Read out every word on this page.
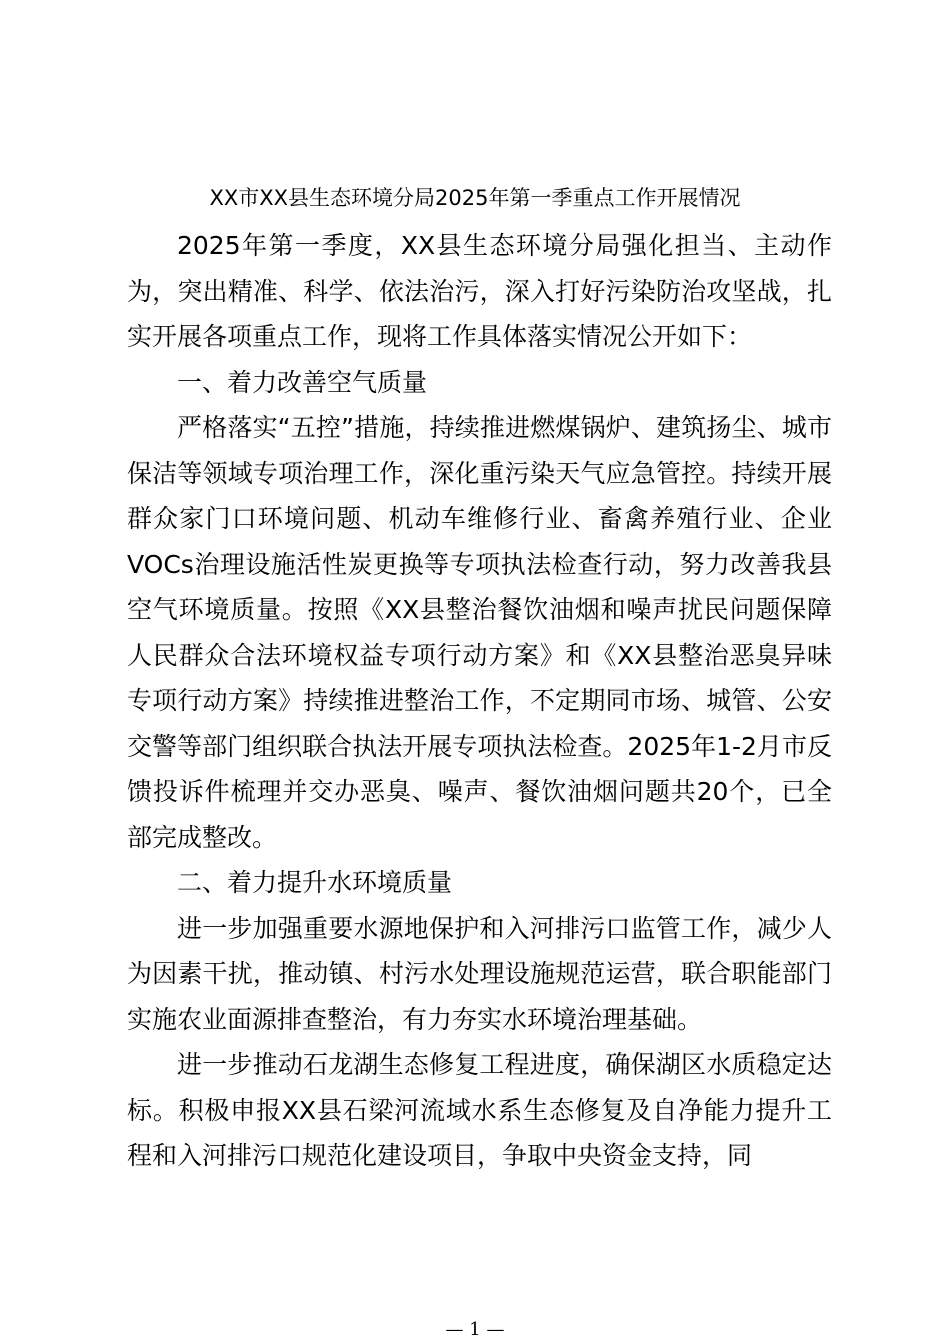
XX市XX县生态环境分局2025年第一季重点工作开展情况

2025年第一季度，XX县生态环境分局强化担当、主动作为，突出精准、科学、依法治污，深入打好污染防治攻坚战，扎实开展各项重点工作，现将工作具体落实情况公开如下：

一、着力改善空气质量

严格落实“五控”措施，持续推进燃煤锅炉、建筑扬尘、城市保洁等领域专项治理工作，深化重污染天气应急管控。持续开展群众家门口环境问题、机动车维修行业、畜禽养殖行业、企业VOCs治理设施活性炭更换等专项执法检查行动，努力改善我县空气环境质量。按照《XX县整治餐饮油烟和噪声扰民问题保障人民群众合法环境权益专项行动方案》和《XX县整治恶臭异味专项行动方案》持续推进整治工作，不定期同市场、城管、公安交警等部门组织联合执法开展专项执法检查。2025年1-2月市反馈投诉件梳理并交办恶臭、噪声、餐饮油烟问题共20个，已全部完成整改。

二、着力提升水环境质量

进一步加强重要水源地保护和入河排污口监管工作，减少人为因素干扰，推动镇、村污水处理设施规范运营，联合职能部门实施农业面源排查整治，有力夯实水环境治理基础。

进一步推动石龙湖生态修复工程进度，确保湖区水质稳定达标。积极申报XX县石梁河流域水系生态修复及自净能力提升工程和入河排污口规范化建设项目，争取中央资金支持，同

— 1 —
